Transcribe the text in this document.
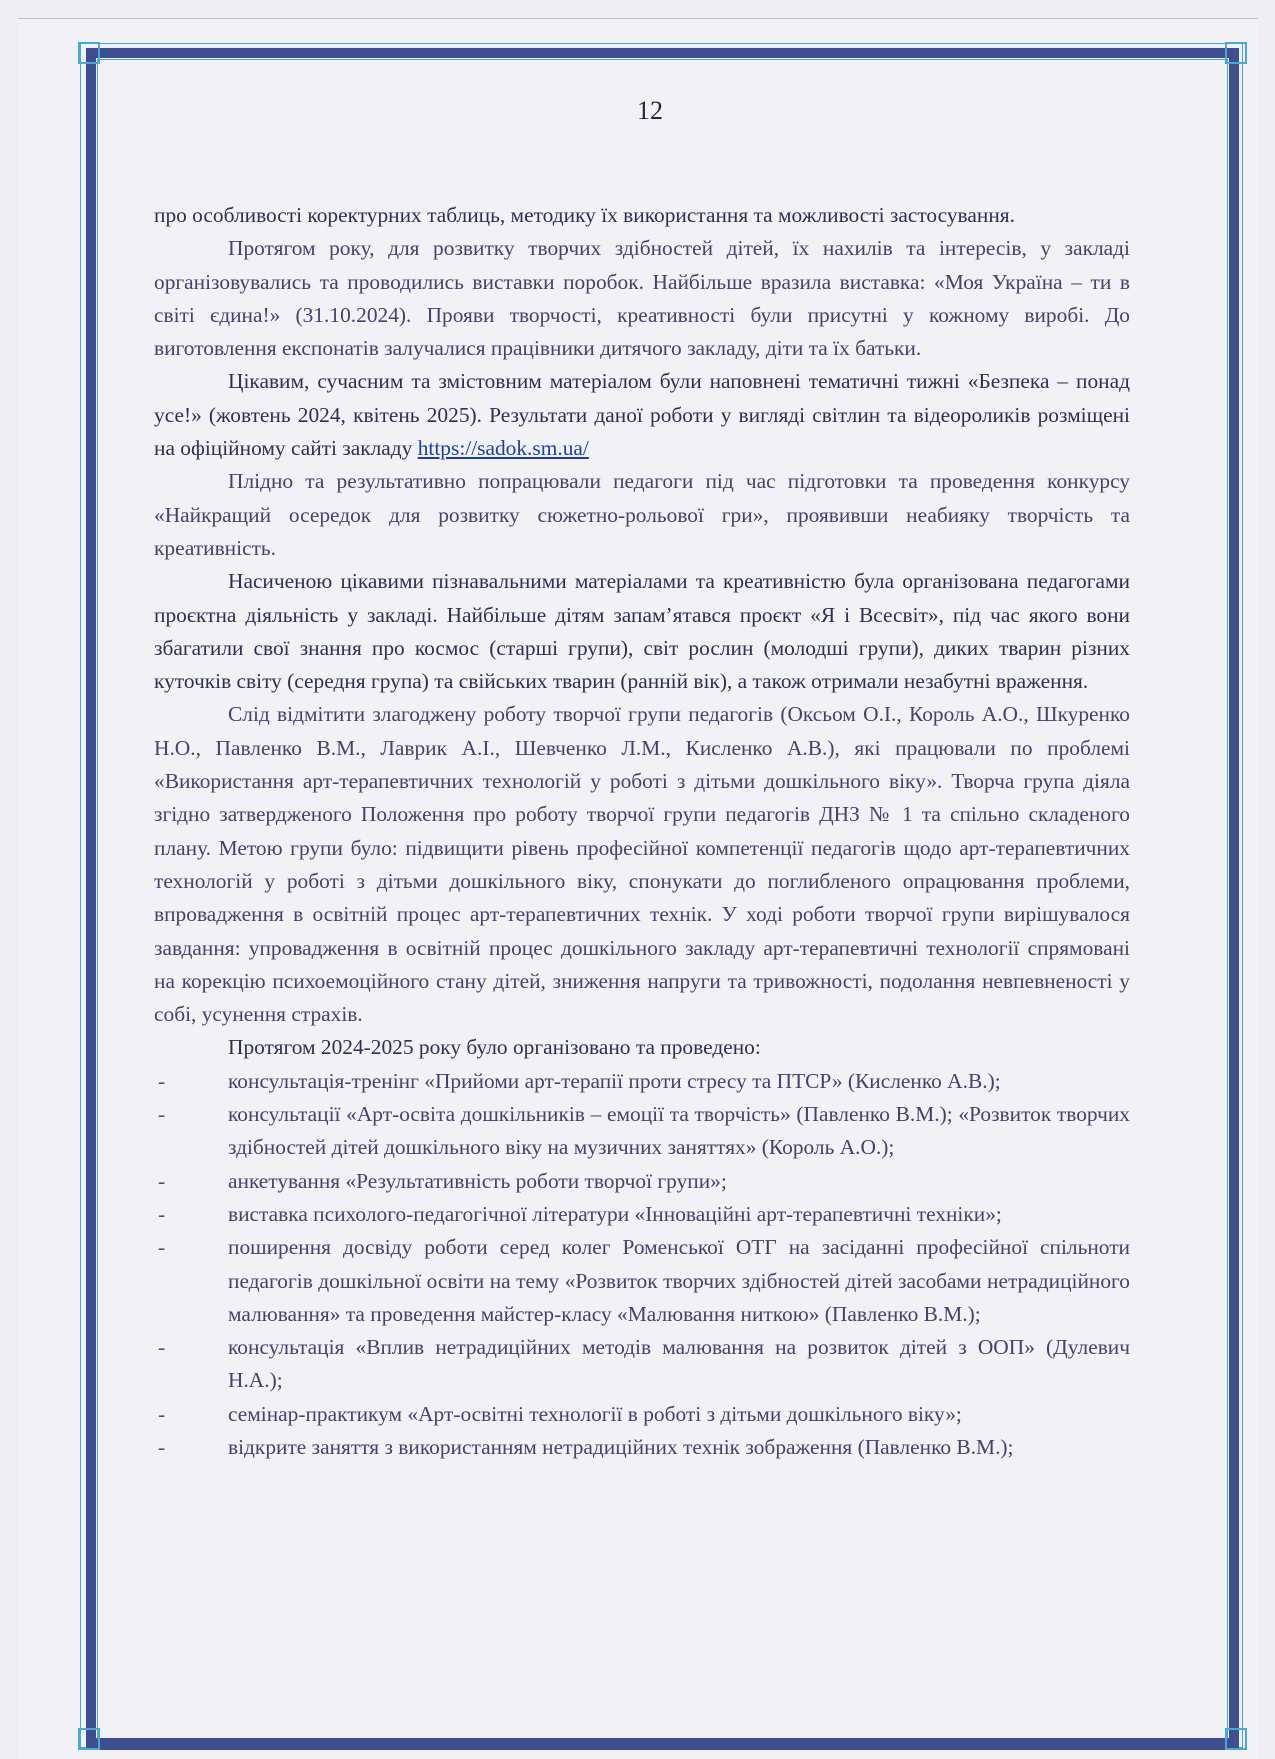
12

про особливості коректурних таблиць, методику їх використання та можливості застосування.

Протягом року, для розвитку творчих здібностей дітей, їх нахилів та інтересів, у закладі організовувались та проводились виставки поробок. Найбільше вразила виставка: «Моя Україна – ти в світі єдина!» (31.10.2024). Прояви творчості, креативності були присутні у кожному виробі. До виготовлення експонатів залучалися працівники дитячого закладу, діти та їх батьки.

Цікавим, сучасним та змістовним матеріалом були наповнені тематичні тижні «Безпека – понад усе!» (жовтень 2024, квітень 2025). Результати даної роботи у вигляді світлин та відеороликів розміщені на офіційному сайті закладу https://sadok.sm.ua/

Плідно та результативно попрацювали педагоги під час підготовки та проведення конкурсу «Найкращий осередок для розвитку сюжетно-рольової гри», проявивши неабияку творчість та креативність.

Насиченою цікавими пізнавальними матеріалами та креативністю була організована педагогами проєктна діяльність у закладі. Найбільше дітям запам’ятався проєкт «Я і Всесвіт», під час якого вони збагатили свої знання про космос (старші групи), світ рослин (молодші групи), диких тварин різних куточків світу (середня група) та свійських тварин (ранній вік), а також отримали незабутні враження.

Слід відмітити злагоджену роботу творчої групи педагогів (Оксьом О.І., Король А.О., Шкуренко Н.О., Павленко В.М., Лаврик А.І., Шевченко Л.М., Кисленко А.В.), які працювали по проблемі «Використання арт-терапевтичних технологій у роботі з дітьми дошкільного віку». Творча група діяла згідно затвердженого Положення про роботу творчої групи педагогів ДНЗ № 1 та спільно складеного плану. Метою групи було: підвищити рівень професійної компетенції педагогів щодо арт-терапевтичних технологій у роботі з дітьми дошкільного віку, спонукати до поглибленого опрацювання проблеми, впровадження в освітній процес арт-терапевтичних технік. У ході роботи творчої групи вирішувалося завдання: упровадження в освітній процес дошкільного закладу арт-терапевтичні технології спрямовані на корекцію психоемоційного стану дітей, зниження напруги та тривожності, подолання невпевненості у собі, усунення страхів.

Протягом 2024-2025 року було організовано та проведено:

-	консультація-тренінг «Прийоми арт-терапії проти стресу та ПТСР» (Кисленко А.В.);
-	консультації «Арт-освіта дошкільників – емоції та творчість» (Павленко В.М.); «Розвиток творчих здібностей дітей дошкільного віку на музичних заняттях» (Король А.О.);
-	анкетування «Результативність роботи творчої групи»;
-	виставка психолого-педагогічної літератури «Інноваційні арт-терапевтичні техніки»;
-	поширення досвіду роботи серед колег Роменської ОТГ на засіданні професійної спільноти педагогів дошкільної освіти на тему «Розвиток творчих здібностей дітей засобами нетрадиційного малювання» та проведення майстер-класу «Малювання ниткою» (Павленко В.М.);
-	консультація «Вплив нетрадиційних методів малювання на розвиток дітей з ООП» (Дулевич Н.А.);
-	семінар-практикум «Арт-освітні технології в роботі з дітьми дошкільного віку»;
-	відкрите заняття з використанням нетрадиційних технік зображення (Павленко В.М.);
